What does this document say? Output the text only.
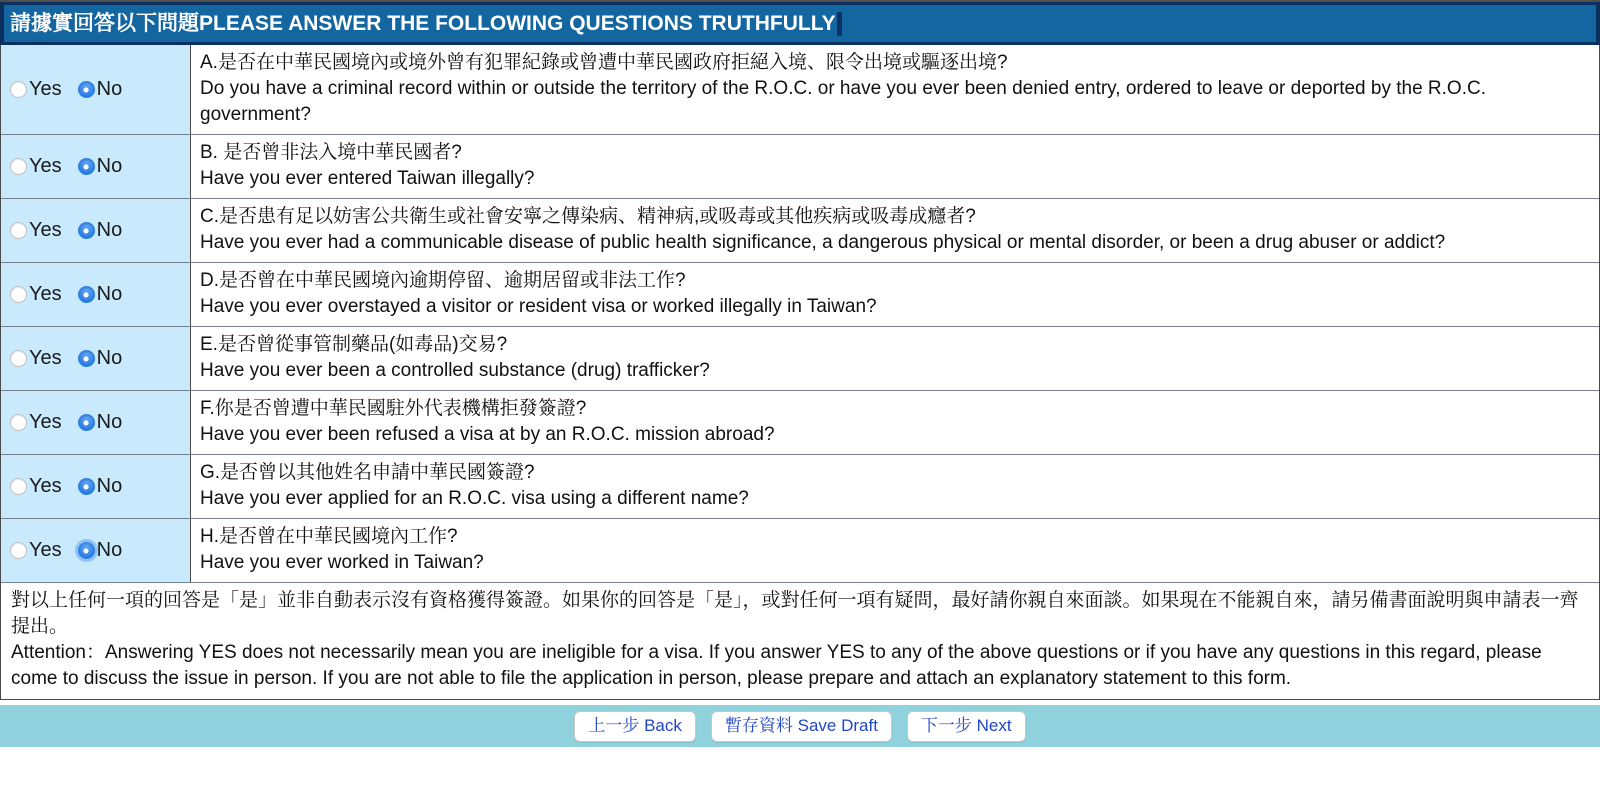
請據實回答以下問題PLEASE ANSWER THE FOLLOWING QUESTIONS TRUTHFULLY
Yes No
A.是否在中華民國境內或境外曾有犯罪紀錄或曾遭中華民國政府拒絕入境、限令出境或驅逐出境?
Do you have a criminal record within or outside the territory of the R.O.C. or have you ever been denied entry, ordered to leave or deported by the R.O.C. government?
Yes No
B. 是否曾非法入境中華民國者?
Have you ever entered Taiwan illegally?
Yes No
C.是否患有足以妨害公共衛生或社會安寧之傳染病、精神病,或吸毒或其他疾病或吸毒成癮者?
Have you ever had a communicable disease of public health significance, a dangerous physical or mental disorder, or been a drug abuser or addict?
Yes No
D.是否曾在中華民國境內逾期停留、逾期居留或非法工作?
Have you ever overstayed a visitor or resident visa or worked illegally in Taiwan?
Yes No
E.是否曾從事管制藥品(如毒品)交易?
Have you ever been a controlled substance (drug) trafficker?
Yes No
F.你是否曾遭中華民國駐外代表機構拒發簽證?
Have you ever been refused a visa at by an R.O.C. mission abroad?
Yes No
G.是否曾以其他姓名申請中華民國簽證?
Have you ever applied for an R.O.C. visa using a different name?
Yes No
H.是否曾在中華民國境內工作?
Have you ever worked in Taiwan?
對以上任何一項的回答是「是」並非自動表示沒有資格獲得簽證。如果你的回答是「是」，或對任何一項有疑問，最好請你親自來面談。如果現在不能親自來，請另備書面說明與申請表一齊提出。
Attention：Answering YES does not necessarily mean you are ineligible for a visa. If you answer YES to any of the above questions or if you have any questions in this regard, please come to discuss the issue in person. If you are not able to file the application in person, please prepare and attach an explanatory statement to this form.
上一步 Back	暫存資料 Save Draft	下一步 Next
